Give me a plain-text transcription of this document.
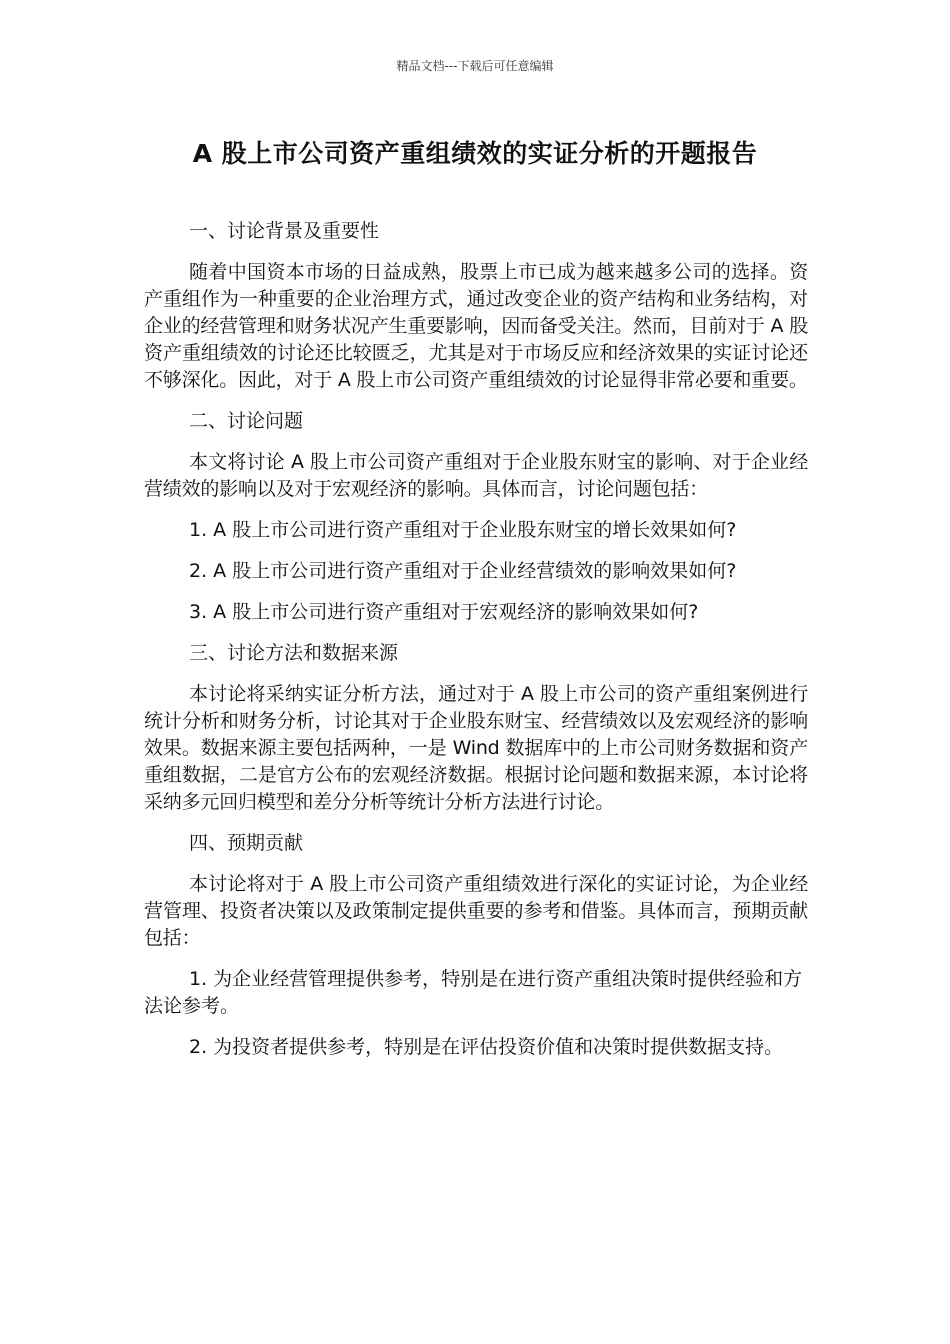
精品文档---下载后可任意编辑
A 股上市公司资产重组绩效的实证分析的开题报告

一、讨论背景及重要性

随着中国资本市场的日益成熟，股票上市已成为越来越多公司的选择。资产重组作为一种重要的企业治理方式，通过改变企业的资产结构和业务结构，对企业的经营管理和财务状况产生重要影响，因而备受关注。然而，目前对于 A 股资产重组绩效的讨论还比较匮乏，尤其是对于市场反应和经济效果的实证讨论还不够深化。因此，对于 A 股上市公司资产重组绩效的讨论显得非常必要和重要。

二、讨论问题

本文将讨论 A 股上市公司资产重组对于企业股东财宝的影响、对于企业经营绩效的影响以及对于宏观经济的影响。具体而言，讨论问题包括：

1. A 股上市公司进行资产重组对于企业股东财宝的增长效果如何?

2. A 股上市公司进行资产重组对于企业经营绩效的影响效果如何?

3. A 股上市公司进行资产重组对于宏观经济的影响效果如何?

三、讨论方法和数据来源

本讨论将采纳实证分析方法，通过对于 A 股上市公司的资产重组案例进行统计分析和财务分析，讨论其对于企业股东财宝、经营绩效以及宏观经济的影响效果。数据来源主要包括两种，一是 Wind 数据库中的上市公司财务数据和资产重组数据，二是官方公布的宏观经济数据。根据讨论问题和数据来源，本讨论将采纳多元回归模型和差分分析等统计分析方法进行讨论。

四、预期贡献

本讨论将对于 A 股上市公司资产重组绩效进行深化的实证讨论，为企业经营管理、投资者决策以及政策制定提供重要的参考和借鉴。具体而言，预期贡献包括：

1. 为企业经营管理提供参考，特别是在进行资产重组决策时提供经验和方法论参考。

2. 为投资者提供参考，特别是在评估投资价值和决策时提供数据支持。
